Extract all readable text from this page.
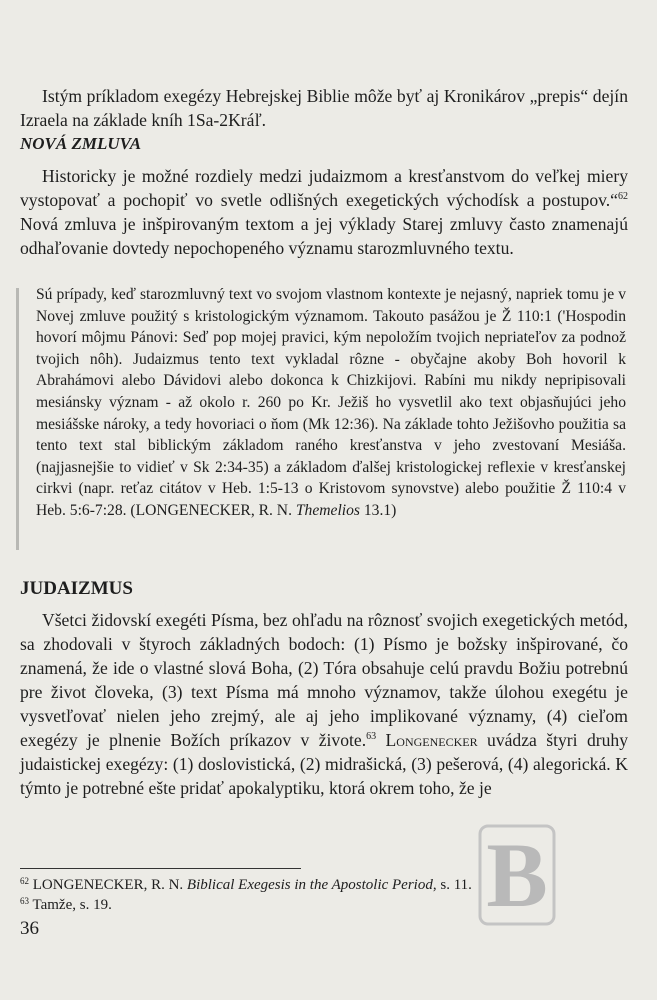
Istým príkladom exegézy Hebrejskej Biblie môže byť aj Kronikárov „prepis“ dejín Izraela na základe kníh 1Sa-2Kráľ.

NOVÁ ZMLUVA

Historicky je možné rozdiely medzi judaizmom a kresťanstvom do veľkej miery vystopovať a pochopiť vo svetle odlišných exegetických východísk a postupov.“$^{62}$ Nová zmluva je inšpirovaným textom a jej výklady Starej zmluvy často znamenajú odhaľovanie dovtedy nepochopeného významu starozmluvného textu.

Sú prípady, keď starozmluvný text vo svojom vlastnom kontexte je nejasný, napriek tomu je v Novej zmluve použitý s kristologickým významom. Takouto pasážou je Ž 110:1 ('Hospodin hovorí môjmu Pánovi: Seď pop mojej pravici, kým nepoložím tvojich nepriateľov za podnož tvojich nôh). Judaizmus tento text vykladal rôzne - obyčajne akoby Boh hovoril k Abrahámovi alebo Dávidovi alebo dokonca k Chizkijovi. Rabíni mu nikdy nepripisovali mesiánsky význam - až okolo r. 260 po Kr. Ježiš ho vysvetlil ako text objasňujúci jeho mesiášske nároky, a tedy hovoriaci o ňom (Mk 12:36). Na základe tohto Ježišovho použitia sa tento text stal biblickým základom raného kresťanstva v jeho zvestovaní Mesiáša. (najjasnejšie to vidieť v Sk 2:34-35) a základom ďalšej kristologickej reflexie v kresťanskej cirkvi (napr. reťaz citátov v Heb. 1:5-13 o Kristovom synovstve) alebo použitie Ž 110:4 v Heb. 5:6-7:28. (LONGENECKER, R. N. Themelios 13.1)

JUDAIZMUS

Všetci židovskí exegéti Písma, bez ohľadu na rôznosť svojich exegetických metód, sa zhodovali v štyroch základných bodoch: (1) Písmo je božsky inšpirované, čo znamená, že ide o vlastné slová Boha, (2) Tóra obsahuje celú pravdu Božiu potrebnú pre život človeka, (3) text Písma má mnoho významov, takže úlohou exegétu je vysvetľovať nielen jeho zrejmý, ale aj jeho implikované významy, (4) cieľom exegézy je plnenie Božích príkazov v živote.$^{63}$ Longenecker uvádza štyri druhy judaistickej exegézy: (1) doslovistická, (2) midrašická, (3) pešerová, (4) alegorická. K týmto je potrebné ešte pridať apokalyptiku, ktorá okrem toho, že je

$^{62}$ LONGENECKER, R. N. Biblical Exegesis in the Apostolic Period, s. 11.

$^{63}$ Tamže, s. 19.

36

B
